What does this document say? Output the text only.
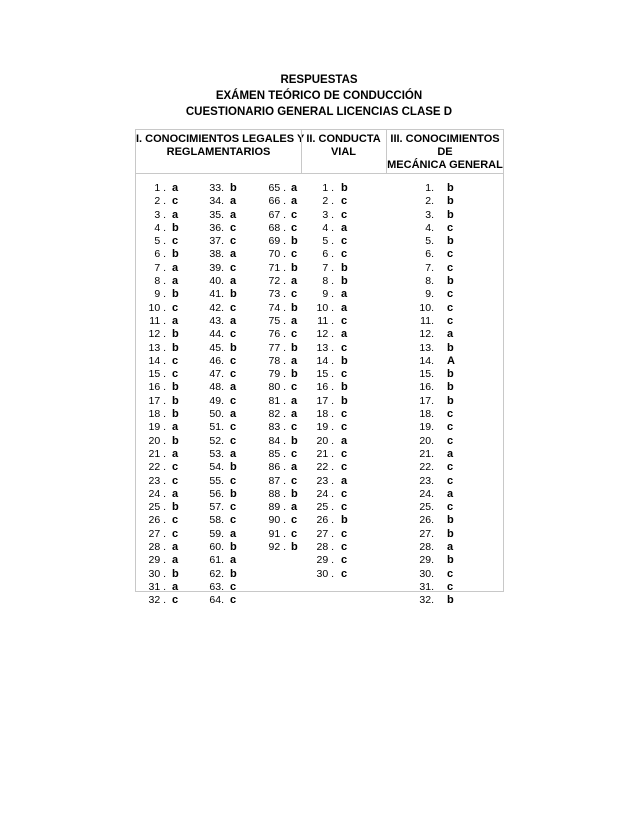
RESPUESTAS
EXÁMEN TEÓRICO DE CONDUCCIÓN
CUESTIONARIO GENERAL LICENCIAS CLASE D
I. CONOCIMIENTOS LEGALES Y
REGLAMENTARIOS
II. CONDUCTA
VIAL
III. CONOCIMIENTOS
DE
MECÁNICA GENERAL
1 . a
2 . c
3 . a
4 . b
5 . c
6 . b
7 . a
8 . a
9 . b
10 . c
11 . a
12 . b
13 . b
14 . c
15 . c
16 . b
17 . b
18 . b
19 . a
20 . b
21 . a
22 . c
23 . c
24 . a
25 . b
26 . c
27 . c
28 . a
29 . a
30 . b
31 . a
32 . c
33. b
34. a
35. a
36. c
37. c
38. a
39. c
40. a
41. b
42. c
43. a
44. c
45. b
46. c
47. c
48. a
49. c
50. a
51. c
52. c
53. a
54. b
55. c
56. b
57. c
58. c
59. a
60. b
61. a
62. b
63. c
64. c
65 . a
66 . a
67 . c
68 . c
69 . b
70 . c
71 . b
72 . a
73 . c
74 . b
75 . a
76 . c
77 . b
78 . a
79 . b
80 . c
81 . a
82 . a
83 . c
84 . b
85 . c
86 . a
87 . c
88 . b
89 . a
90 . c
91 . c
92 . b
1 . b
2 . c
3 . c
4 . a
5 . c
6 . c
7 . b
8 . b
9 . a
10 . a
11 . c
12 . a
13 . c
14 . b
15 . c
16 . b
17 . b
18 . c
19 . c
20 . a
21 . c
22 . c
23 . a
24 . c
25 . c
26 . b
27 . c
28 . c
29 . c
30 . c
1. b
2. b
3. b
4. c
5. b
6. c
7. c
8. b
9. c
10. c
11. c
12. a
13. b
14. A
15. b
16. b
17. b
18. c
19. c
20. c
21. a
22. c
23. c
24. a
25. c
26. b
27. b
28. a
29. b
30. c
31. c
32. b
